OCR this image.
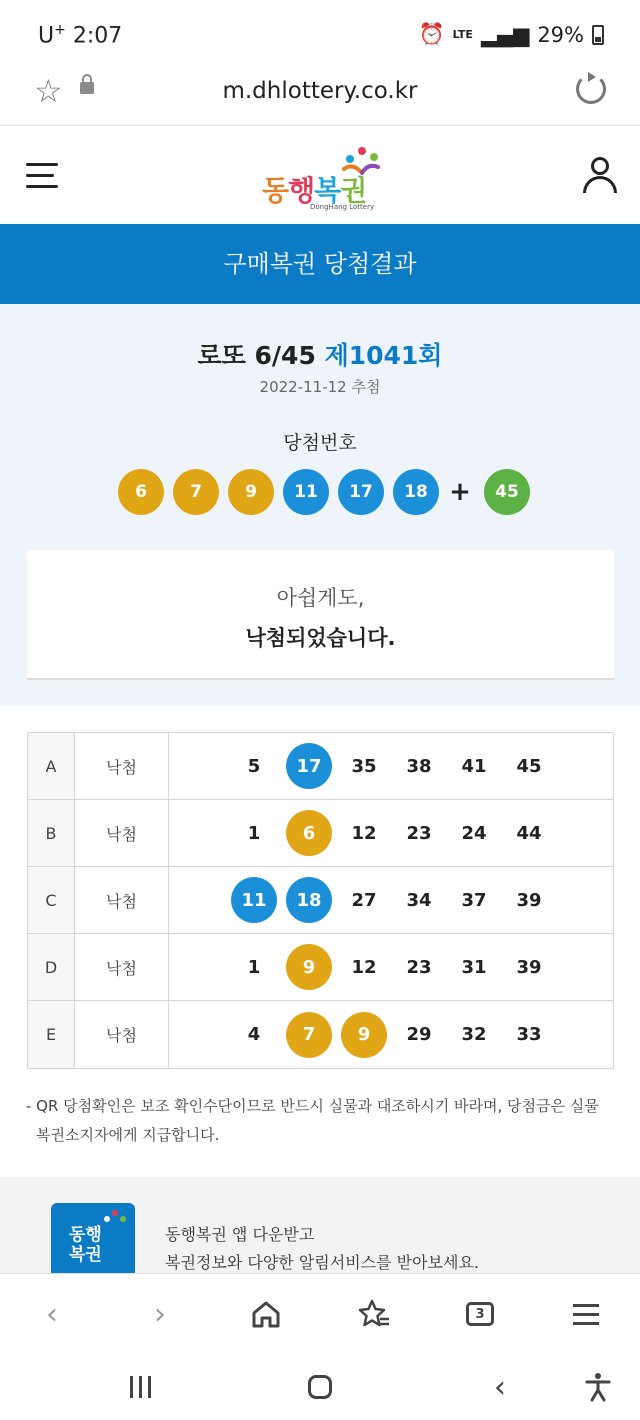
U+ 2:07	⏰ LTE ▂▄▆ 29%
☆	m.dhlottery.co.kr
동행복권
DongHang Lottery
구매복권 당첨결과
로또 6/45 제1041회
2022-11-12 추첨
당첨번호
6	7	9	11	17	18 +	45
아쉽게도,
낙첨되었습니다.
A	낙첨	5	17	35	38	41	45
B	낙첨	1	6	12	23	24	44
C	낙첨	11	18	27	34	37	39
D	낙첨	1	9	12	23	31	39
E	낙첨	4	7	9	29	32	33
- QR 당첨확인은 보조 확인수단이므로 반드시 실물과 대조하시기 바라며, 당첨금은 실물
복권소지자에게 지급합니다.
동행복권
동행복권 앱 다운받고
복권정보와 다양한 알림서비스를 받아보세요.
‹	›	3
‹
